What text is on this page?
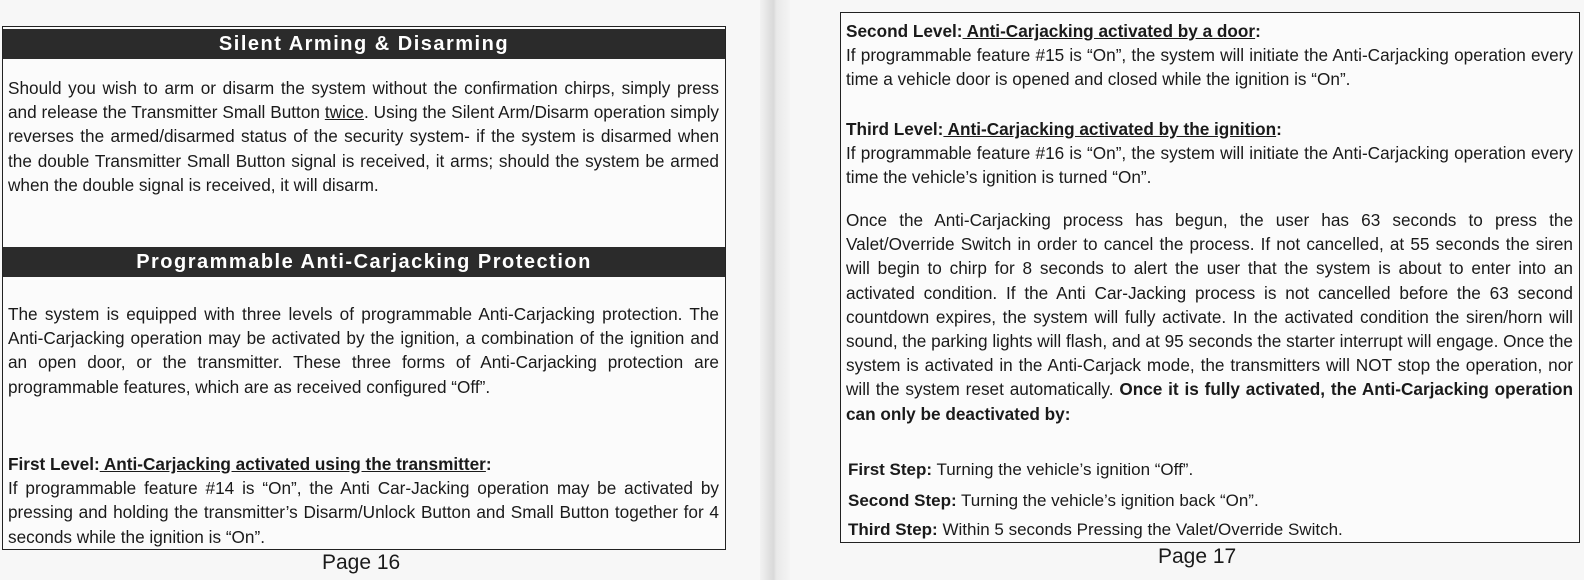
Silent Arming & Disarming

Should you wish to arm or disarm the system without the confirmation chirps, simply press and release the Transmitter Small Button twice. Using the Silent Arm/Disarm operation simply reverses the armed/disarmed status of the security system- if the system is disarmed when the double Transmitter Small Button signal is received, it arms; should the system be armed when the double signal is received, it will disarm.

Programmable Anti-Carjacking Protection

The system is equipped with three levels of programmable Anti-Carjacking protection. The Anti-Carjacking operation may be activated by the ignition, a combination of the ignition and an open door, or the transmitter. These three forms of Anti-Carjacking protection are programmable features, which are as received configured “Off”.

First Level: Anti-Carjacking activated using the transmitter:
If programmable feature #14 is “On”, the Anti Car-Jacking operation may be activated by pressing and holding the transmitter’s Disarm/Unlock Button and Small Button together for 4 seconds while the ignition is “On”.

Page 16

Second Level: Anti-Carjacking activated by a door:
If programmable feature #15 is “On”, the system will initiate the Anti-Carjacking operation every time a vehicle door is opened and closed while the ignition is “On”.

Third Level: Anti-Carjacking activated by the ignition:
If programmable feature #16 is “On”, the system will initiate the Anti-Carjacking operation every time the vehicle’s ignition is turned “On”.

Once the Anti-Carjacking process has begun, the user has 63 seconds to press the Valet/Override Switch in order to cancel the process. If not cancelled, at 55 seconds the siren will begin to chirp for 8 seconds to alert the user that the system is about to enter into an activated condition. If the Anti Car-Jacking process is not cancelled before the 63 second countdown expires, the system will fully activate. In the activated condition the siren/horn will sound, the parking lights will flash, and at 95 seconds the starter interrupt will engage. Once the system is activated in the Anti-Carjack mode, the transmitters will NOT stop the operation, nor will the system reset automatically. Once it is fully activated, the Anti-Carjacking operation can only be deactivated by:

First Step: Turning the vehicle’s ignition “Off”.

Second Step: Turning the vehicle’s ignition back “On”.

Third Step: Within 5 seconds Pressing the Valet/Override Switch.

Page 17
